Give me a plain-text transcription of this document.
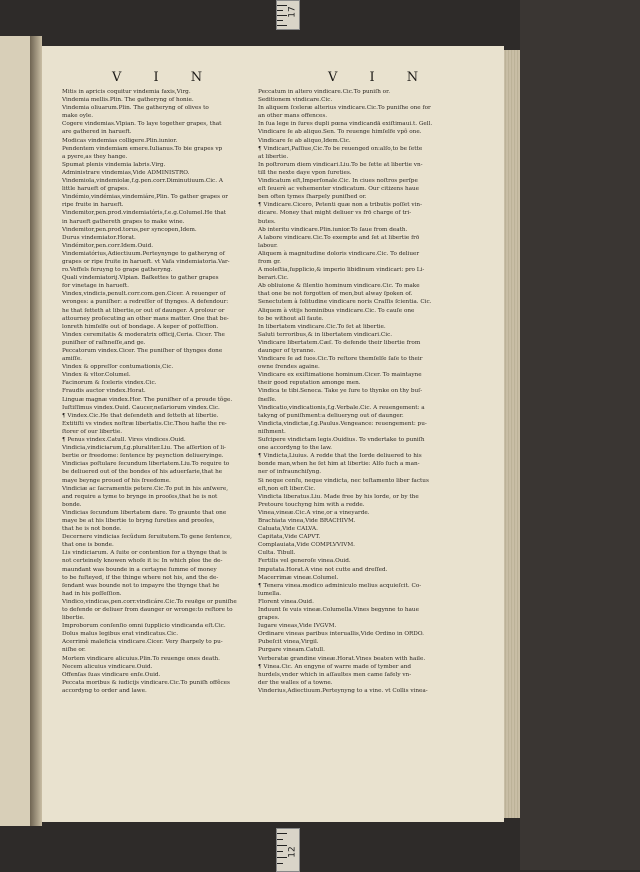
17
V I N	V I N

Mitis in apricis coquitur vindemia faxis,Virg.

Vindemia mellis.Plin. The gatheryng of honie.

Vindemia oliuarum.Plin. The gatheryng of olives to

make oyle.

Cogere vindemias.Vlpian. To laye together grapes, that

are gathered in harueft.

Modicas vindemias colligere.Plin.iunior.

Pendentem vindemiam emere.Iulianus.To bie grapes vp

a pyere,as they hange.

Spumat plenis vindemia labris.Virg.

Administrare vindemias,Vide ADMINISTRO.

Vindemiola,vindemiolæ,f.g.pen.corr.Diminutiuum.Cic. A

little harueft of grapes.

Vindémio,vindémias,vindemiáre,Plin. To gather grapes or

ripe fruite in harueft.

Vindemitor,pen.prod.vindemiatóris,f.e.g.Columel.He that

in harueft gathereth grapes to make wine.

Vindemitor,pen.prod.torus,per syncopen,Idem.

Durus vindemiator.Horat.

Vindémitor,pen.corr.Idem.Ouid.

Vindemiatórius,Adiectiuum.Perteynynge to gatheryng of

grapes or ripe fruite in harueft. vt Vafa vindemiatoria.Var-

ro.Veffels feruyng to grape gatheryng.

Quali vindemiatorij.Vlpian. Baſkettes to gather grapes

for vinetage in harueft.

Vindex,vindicis,penult.corr.com.gen.Cicer. A reuenger of

wronges: a puniſher: a redreſſer of thynges. A defendour:

he that ſetteth at libertie,or out of daunger. A prolour or

attourney proſecuting an other mans matter. One that be-

lonreth himſelfe out of bondage. A keper of poſſeſſion.

Vindex ceremitatis & moderatrix officij,Ceria. Cicer. The

puniſher of raſhneſſe,and ge.

Peccatorum vindex.Cicer. The puniſher of thynges done

amiſſe.

Vindex & oppreſſor contumationis,Cic.

Vindex & vltor.Columel.

Facinorum & ſceleris vindex.Cic.

Fraudis auctor vindex.Horat.

Linguæ magnæ vindex.Hor. The puniſher of a proude tõge.

Iuſtiſſimus vindex.Ouid. Caucer,neſariorum vindex.Cic.

¶ Vindex.Cic.He that deſendeth and ſetteth at libertie.

Extitiſti vs vindex noſtræ libertatis.Cic.Thou haſte the re-

ſtorer of our libertie.

¶ Penus vindex.Catull. Vires vindices.Ouid.

Vindicia,vindiciarum,f.g.pluraliter.Liu. The aſſertion of li-

bertie or freedome: ſentence by peynction deliueryinge.

Vindicias poſtulare ſecundum libertatem.Liu.To require to

be deliuered out of the bondes of his aduerſarie,that he

maye beynge proued of his ſreedome.

Vindiciæ ac ſacramentis petere.Cic.To put in his anſwere,

and require a tyme to brynge in prooſes,that he is not

bonde.

Vindicias ſecundum libertatem dare. To graunte that one

maye be at his libertie to bryng ſureties and prooſes,

that he is not bonde.

Decernere vindicias ſecũdum ſeruitutem.To gene ſentence,

that one is bonde.

Lis vindiciarum. A ſuite or contention for a thynge that is

not certeinely knowen whoſe it is: In which plee the de-

maundant was bounde in a certayne ſumme of money

to be fuſteyed, if the thinge where not his, and the de-

ſendant was bounde not to impayre the thynge that he

had in his poſſeſſion.

Vindico,vindicas,pen.corr.vindicáre.Cic.To reuēge or puniſhe

to defende or deliuer from daunger or wronge:to reſtore to

libertie.

Improborum conſenſio omni ſupplicio vindicanda eſt.Cic.

Dolus malus legibus erat vindicatus.Cic.

Acerrimè maleficia vindicare.Cicer. Very ſharpely to pu-

niſhe or.

Mortem vindicare alicuius.Plin.To reuenge ones death.

Necem alicuius vindicare.Ouid.

Offenſas ſuas vindicare enſe.Ouid.

Peccata moribus & iudicijs vindicare.Cic.To puniſh offẽces

accordyng to order and lawe.

Peccatum in altero vindicare.Cic.To puniſh or.

Seditionem vindicare.Cic.

In aliquem ſceleræ alterius vindicare.Cic.To puniſhe one for

an other mans offences.

In ſua lege in ſures dupli pœna vindicandā exiſtimaui.t. Gell.

Vindicare ſe ab aliquo.Sen. To reuenge himſelfe vpõ one.

Vindicare ſe ab aliquo,Idem.Cic.

¶ Vindicari,Paſſiue,Cic.To be reuenged on:alſo,to be ſette

at libertie.

In poſtrorum diem vindicari.Liu.To be ſette at libertie vn-

till the nexte daye vpon ſureties.

Vindicatum eſt,Imperſonale.Cic. In ciues noſtros perſpe

eſt ſeuerè ac vehementer vindicatum. Our citizens haue

ben often tymes ſharpely puniſhed or.

¶ Vindicare.Cicero, Petenti quæ non a tributis poſſet vin-

dicare. Money that might deliuer vs frō charge of tri-

butes.

Ab interitu vindicare.Plin.iunior.To ſaue from death.

A labore vindicare.Cic.To exempte and ſet at libertie frō

labour.

Aliquem à magnitudine doloris vindicare.Cic. To deliuer

from gr.

A moleſtia,ſupplicio,& imperio libidinum vindicari: pro Li-

berari.Cic.

Ab obliuione & ſilentio hominum vindicare.Cic. To make

that one be not forgotten of men,but alway ſpoken of.

Senectutem à ſolitudine vindicare noris Craſſis ſcientia. Cic.

Aliquem à vitijs hominibus vindicare.Cic. To cauſe one

to be without all faute.

In libertatem vindicare.Cic.To ſet at libertie.

Saluti terroribus,& in libertatem vindicari.Cic.

Vindicare libertatem.Cæſ. To defende their libertie from

daunger of tyranne.

Vindicare ſe ad ſuos.Cic.To reſtore themſelſe ſaſe to their

owne ſrendes againe.

Vindicare ex exiſtimatione hominum.Cicer. To maintayne

their good reputation amonge men.

Vindica te tibi.Seneca. Take ye ſure to thynke on thy buſ-

ſneſſe.

Vindicatio,vindicationis,f.g.Verbale.Cic. A reuengement: a

takyng of puniſhment:a deliueryng out of daunger.

Vindicta,vindictæ,f.g.Paulus.Vengeance: reuengement: pu-

niſhment.

Sufcipere vindictam legis.Ouidius. To vndertake to puniſh

one accordyng to the law.

¶ Vindicta,Liuius. A redde that the Iorde deliuered to his

bonde man,when he ſet him at libertie: Alſo ſuch a man-

ner of infraunchiſyng.

Si neque cenſu, neque vindicta, nec teſtamento liber factus

eſt,non eſt liber.Cic.

Vindicta liberatus.Liu. Made free by his lorde, or by the

Pretoure touchyng him with a redde.

Vinea,vineæ.Cic.A vine,or a vineyarde.

Brachiata vinea,Vide BRACHIVM.

Caluata,Vide CALVA.

Capitata,Vide CAPVT.

Complauiata,Vide COMPLVVIVM.

Culta. Tibull.

Fertilis vel generoſe vinea.Ouid.

Imputata.Horat.A vine not cutte and dreſſed.

Macerrimæ vineæ.Columel.

¶ Tenera vinea.modico adminiculo melius acquieſcit. Co-

lumella.

Florent vinea.Ouid.

Induunt ſe vuis vineæ.Columella.Vines begynne to haue

grapes.

Iugare vineas,Vide IVGVM.

Ordinare vineas paribus interuallis,Vide Ordino in ORDO.

Pubeſcit vinea,Virgil.

Purgare vineam.Catull.

Verberatæ grandine vineæ.Horat.Vines beaten with haile.

¶ Vinea.Cic. An engyne of warre made of tymber and

hurdels,vnder which in aſſaultes men came ſafely vn-

der the walles of a towne.

Vinderius,Adiectiuum.Perteynyng to a vine. vt Collis vinea-

12
